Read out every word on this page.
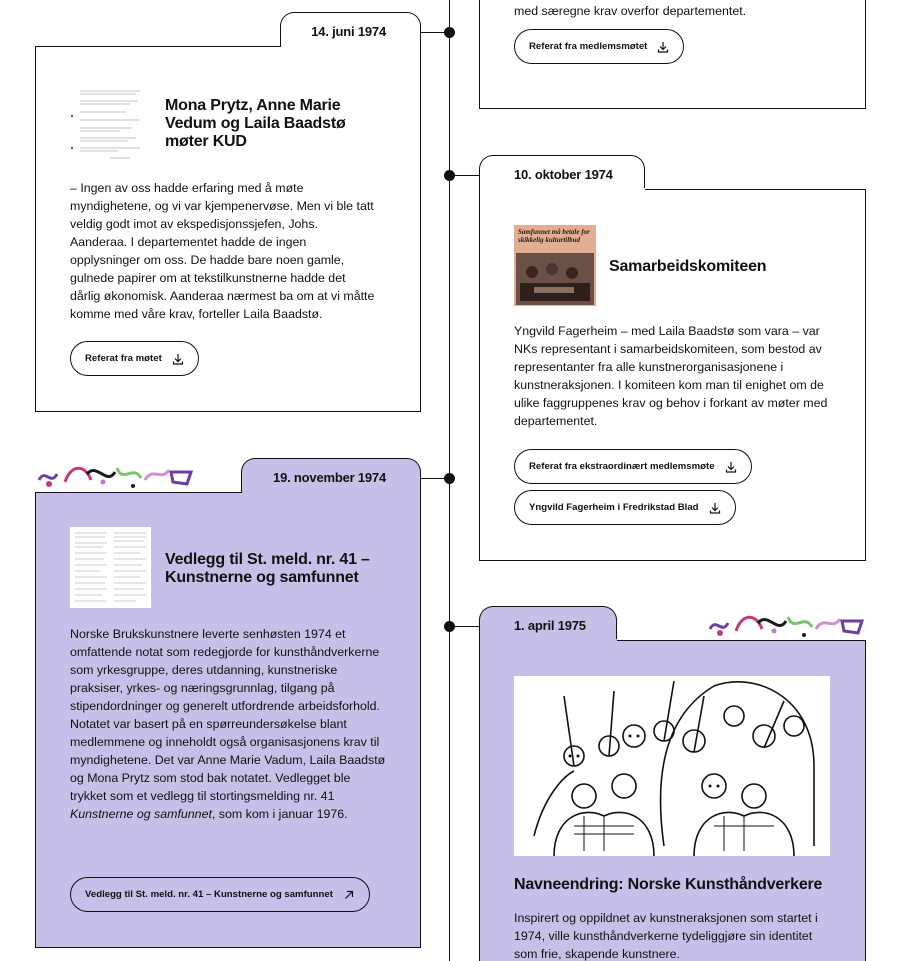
med særegne krav overfor departementet.
Referat fra medlemsmøtet
14. juni 1974
Mona Prytz, Anne Marie Vedum og Laila Baadstø møter KUD
– Ingen av oss hadde erfaring med å møte myndighetene, og vi var kjempenervøse. Men vi ble tatt veldig godt imot av ekspedisjonssjefen, Johs. Aanderaa. I departementet hadde de ingen opplysninger om oss. De hadde bare noen gamle, gulnede papirer om at tekstilkunstnerne hadde det dårlig økonomisk. Aanderaa nærmest ba om at vi måtte komme med våre krav, forteller Laila Baadstø.
Referat fra møtet
10. oktober 1974
Samfunnet må betale for skikkelig kulturtilbud
Samarbeidskomiteen
Yngvild Fagerheim – med Laila Baadstø som vara – var NKs representant i samarbeidskomiteen, som bestod av representanter fra alle kunstnerorganisasjonene i kunstneraksjonen. I komiteen kom man til enighet om de ulike faggruppenes krav og behov i forkant av møter med departementet.
Referat fra ekstraordinært medlemsmøte
Yngvild Fagerheim i Fredrikstad Blad
19. november 1974
Vedlegg til St. meld. nr. 41 – Kunstnerne og samfunnet
Norske Brukskunstnere leverte senhøsten 1974 et omfattende notat som redegjorde for kunsthåndverkerne som yrkesgruppe, deres utdanning, kunstneriske praksiser, yrkes- og næringsgrunnlag, tilgang på stipendordninger og generelt utfordrende arbeidsforhold. Notatet var basert på en spørreundersøkelse blant medlemmene og inneholdt også organisasjonens krav til myndighetene. Det var Anne Marie Vadum, Laila Baadstø og Mona Prytz som stod bak notatet. Vedlegget ble trykket som et vedlegg til stortingsmelding nr. 41 Kunstnerne og samfunnet, som kom i januar 1976.
Vedlegg til St. meld. nr. 41 – Kunstnerne og samfunnet
1. april 1975
Navneendring: Norske Kunsthåndverkere
Inspirert og oppildnet av kunstneraksjonen som startet i 1974, ville kunsthåndverkerne tydeliggjøre sin identitet som frie, skapende kunstnere.
